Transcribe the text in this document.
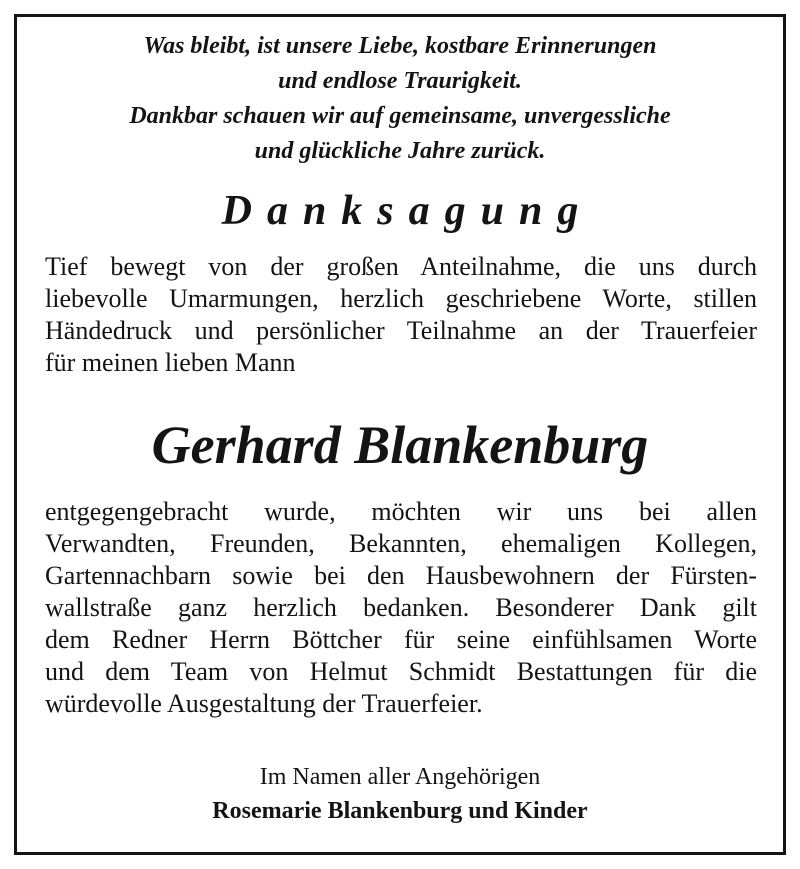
Was bleibt, ist unsere Liebe, kostbare Erinnerungen
und endlose Traurigkeit.
Dankbar schauen wir auf gemeinsame, unvergessliche
und glückliche Jahre zurück.
Danksagung
Tief bewegt von der großen Anteilnahme, die uns durch
liebevolle Umarmungen, herzlich geschriebene Worte, stillen
Händedruck und persönlicher Teilnahme an der Trauerfeier
für meinen lieben Mann
Gerhard Blankenburg
entgegengebracht wurde, möchten wir uns bei allen
Verwandten, Freunden, Bekannten, ehemaligen Kollegen,
Gartennachbarn sowie bei den Hausbewohnern der Fürsten-
wallstraße ganz herzlich bedanken. Besonderer Dank gilt
dem Redner Herrn Böttcher für seine einfühlsamen Worte
und dem Team von Helmut Schmidt Bestattungen für die
würdevolle Ausgestaltung der Trauerfeier.
Im Namen aller Angehörigen
Rosemarie Blankenburg und Kinder
